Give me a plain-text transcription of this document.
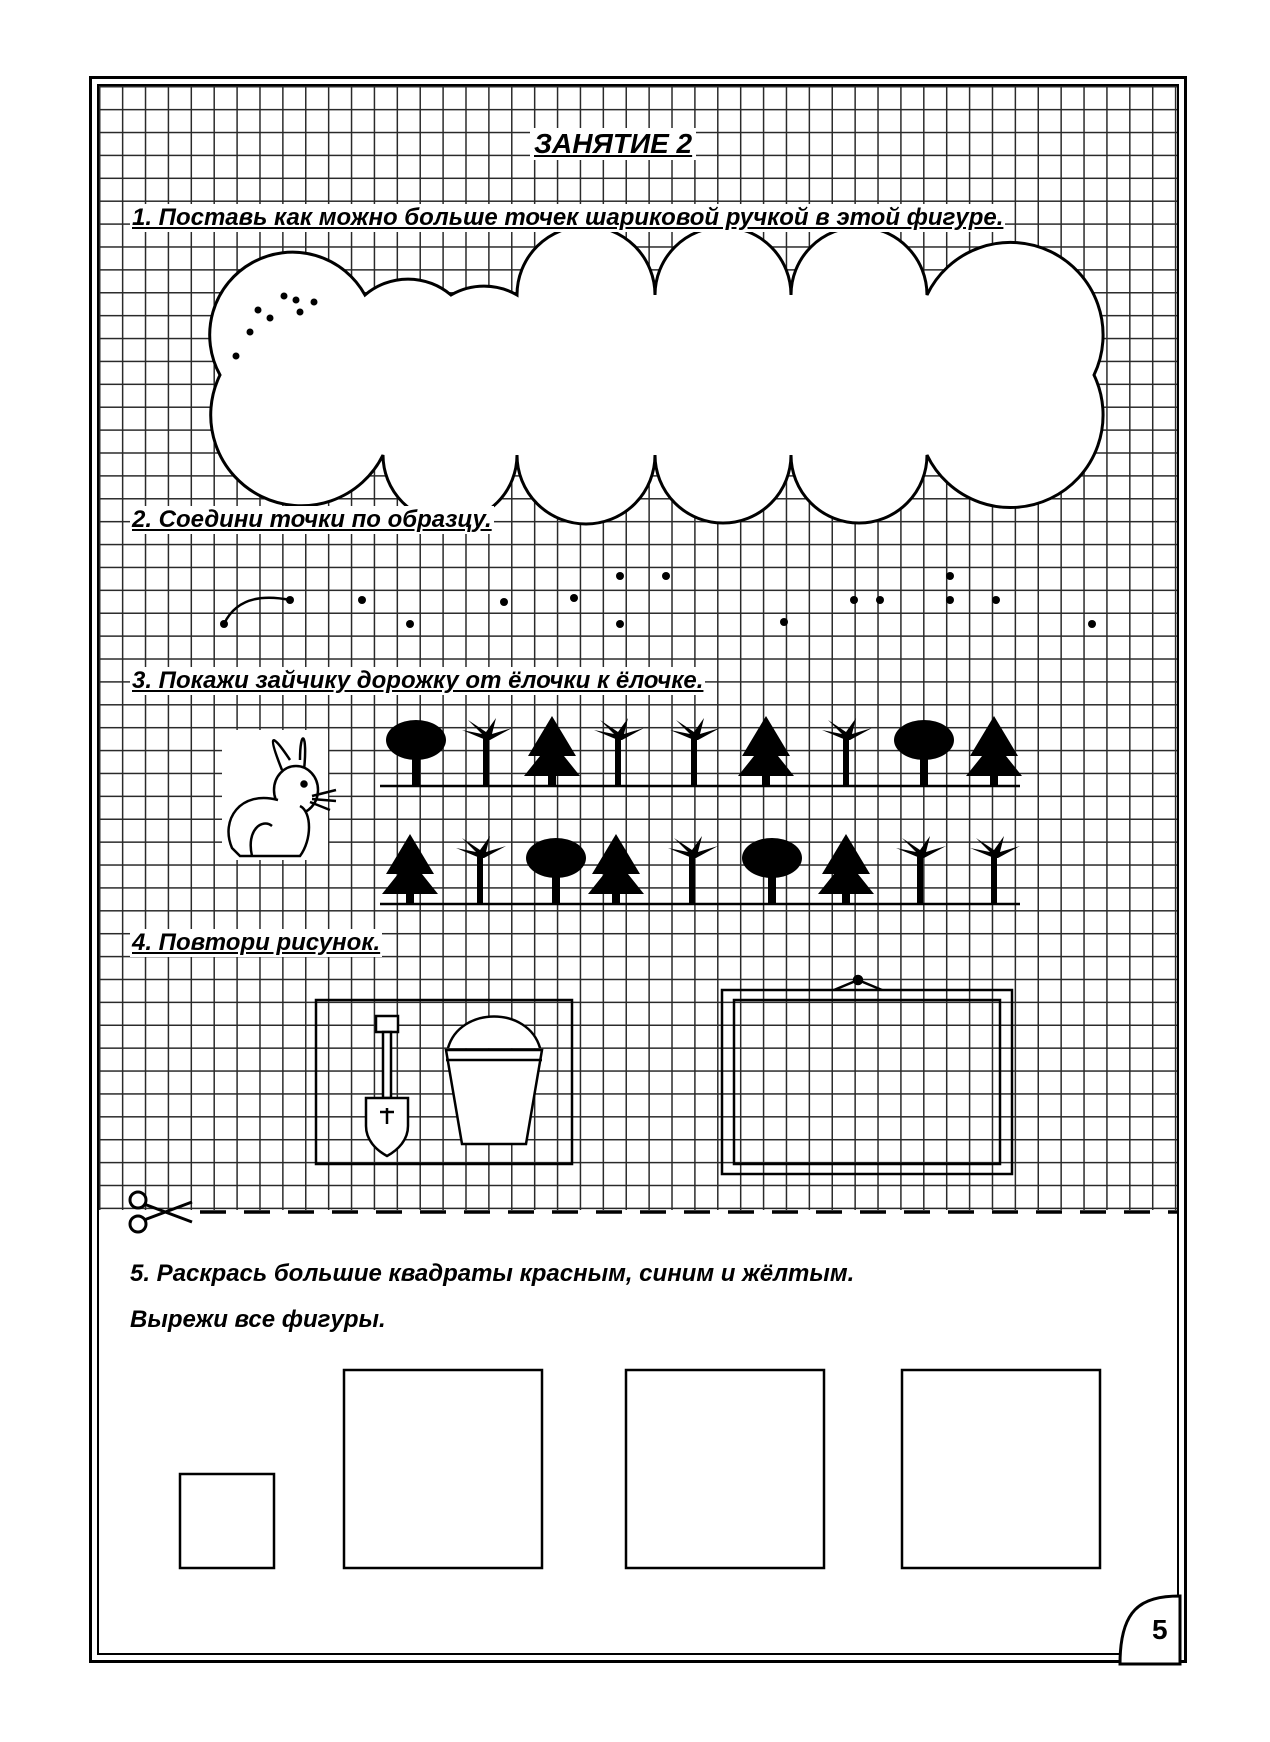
ЗАНЯТИЕ 2
1. Поставь как можно больше точек шариковой ручкой в этой фигуре.
2. Соедини точки по образцу.
3. Покажи зайчику дорожку от ёлочки к ёлочке.
4. Повтори рисунок.
5. Раскрась большие квадраты красным, синим и жёлтым.
Вырежи все фигуры.
5
